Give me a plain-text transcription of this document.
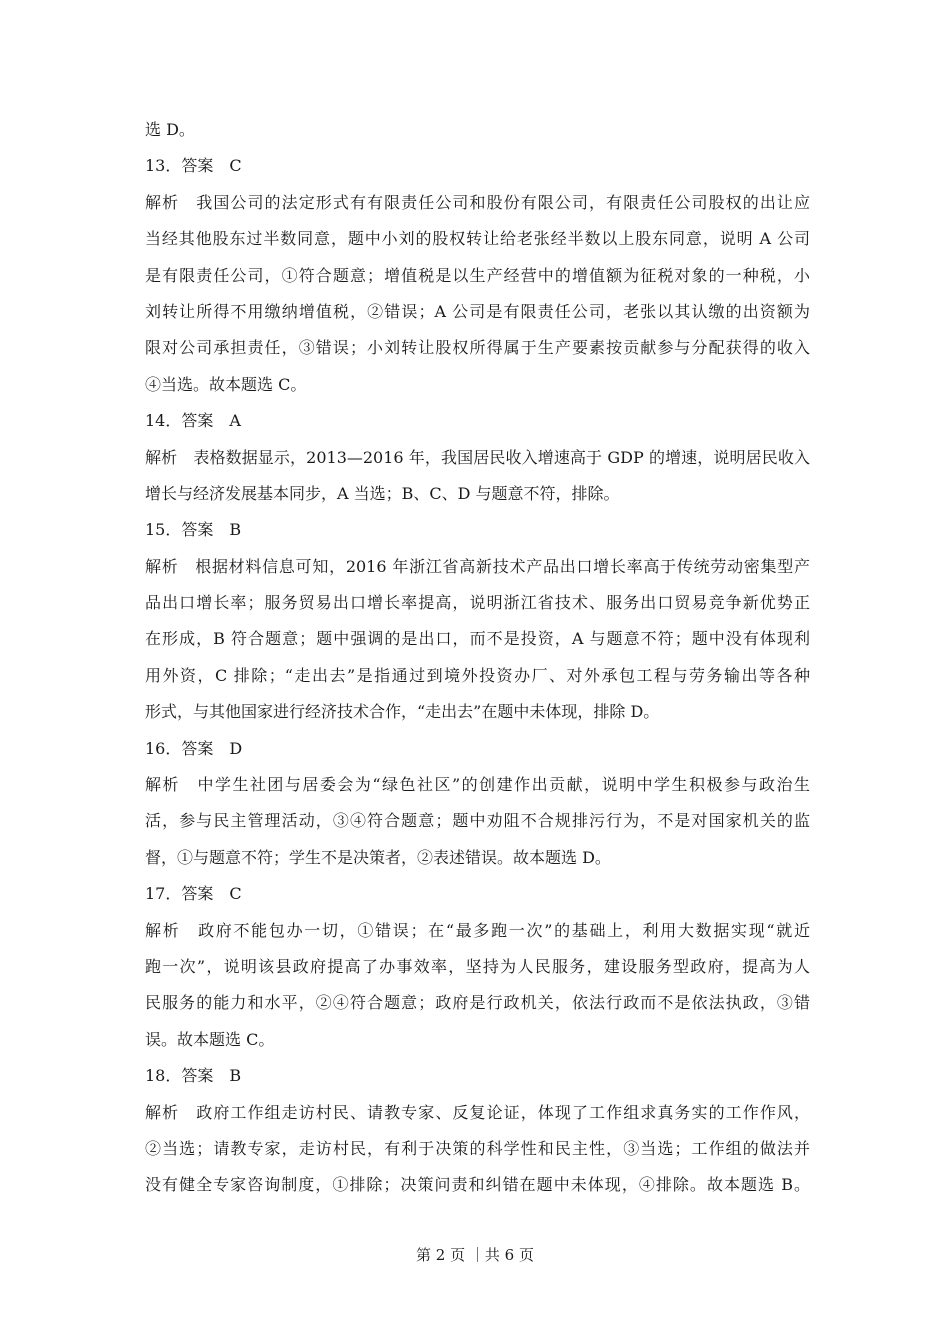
选 D。

13．答案　C

解析　我国公司的法定形式有有限责任公司和股份有限公司，有限责任公司股权的出让应

当经其他股东过半数同意，题中小刘的股权转让给老张经半数以上股东同意，说明 A 公司

是有限责任公司，①符合题意；增值税是以生产经营中的增值额为征税对象的一种税，小

刘转让所得不用缴纳增值税，②错误；A 公司是有限责任公司，老张以其认缴的出资额为

限对公司承担责任，③错误；小刘转让股权所得属于生产要素按贡献参与分配获得的收入

④当选。故本题选 C。

14．答案　A

解析　表格数据显示，2013—2016 年，我国居民收入增速高于 GDP 的增速，说明居民收入

增长与经济发展基本同步，A 当选；B、C、D 与题意不符，排除。

15．答案　B

解析　根据材料信息可知，2016 年浙江省高新技术产品出口增长率高于传统劳动密集型产

品出口增长率；服务贸易出口增长率提高，说明浙江省技术、服务出口贸易竞争新优势正

在形成，B 符合题意；题中强调的是出口，而不是投资，A 与题意不符；题中没有体现利

用外资，C 排除；“走出去”是指通过到境外投资办厂、对外承包工程与劳务输出等各种

形式，与其他国家进行经济技术合作，“走出去”在题中未体现，排除 D。

16．答案　D

解析　中学生社团与居委会为“绿色社区”的创建作出贡献，说明中学生积极参与政治生

活，参与民主管理活动，③④符合题意；题中劝阻不合规排污行为，不是对国家机关的监

督，①与题意不符；学生不是决策者，②表述错误。故本题选 D。

17．答案　C

解析　政府不能包办一切，①错误；在“最多跑一次”的基础上，利用大数据实现“就近

跑一次”，说明该县政府提高了办事效率，坚持为人民服务，建设服务型政府，提高为人

民服务的能力和水平，②④符合题意；政府是行政机关，依法行政而不是依法执政，③错

误。故本题选 C。

18．答案　B

解析　政府工作组走访村民、请教专家、反复论证，体现了工作组求真务实的工作作风，

②当选；请教专家，走访村民，有利于决策的科学性和民主性，③当选；工作组的做法并

没有健全专家咨询制度，①排除；决策问责和纠错在题中未体现，④排除。故本题选 B。

第 2 页 ｜共 6 页
